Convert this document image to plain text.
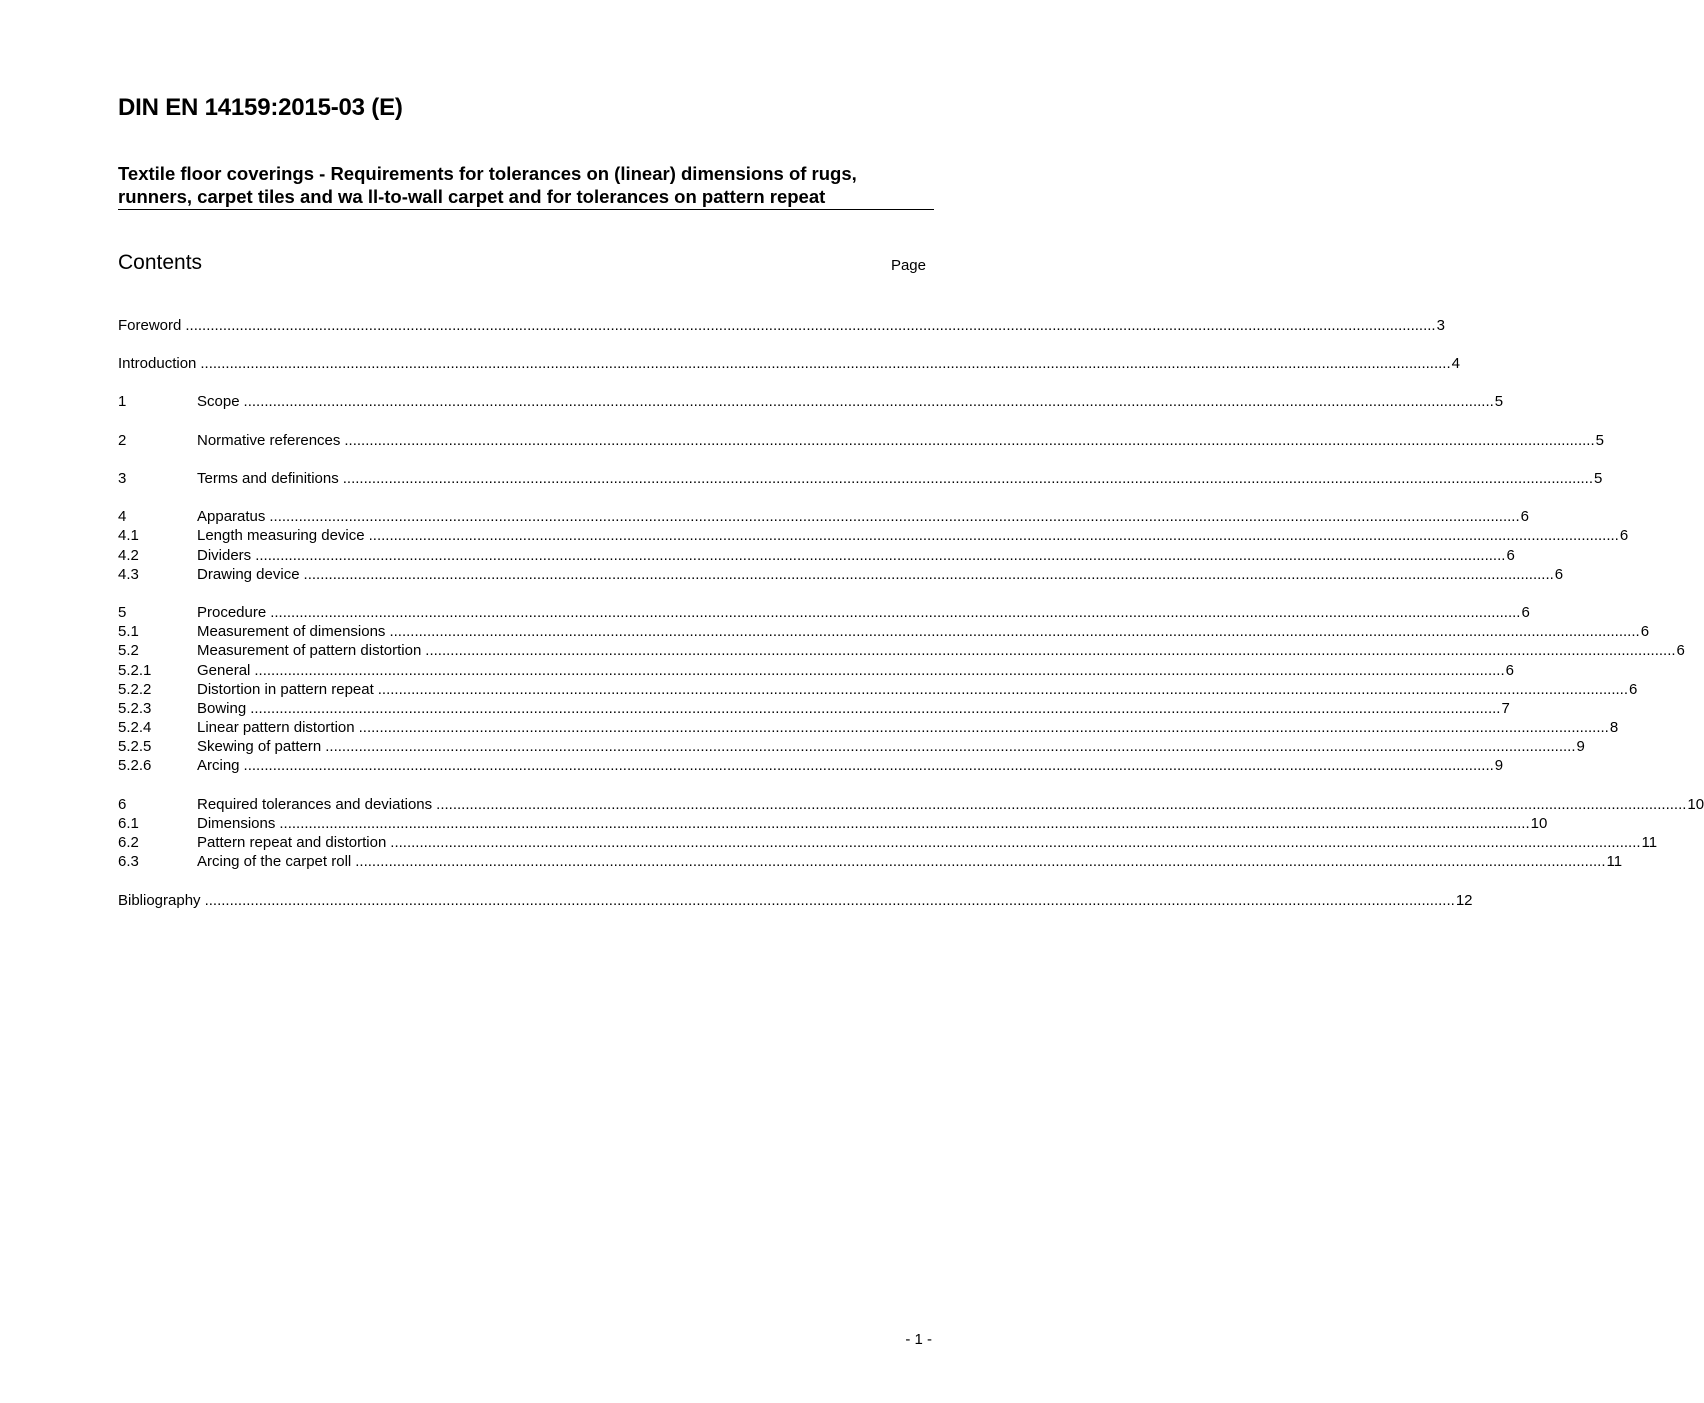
DIN EN 14159:2015-03 (E)
Textile floor coverings - Requirements for tolerances on (linear) dimensions of rugs,
runners, carpet tiles and wa ll-to-wall carpet and for tolerances on pattern repeat
Contents	Page
Foreword ............................................................................................................................................................................................................................................................................................................ 3
Introduction ............................................................................................................................................................................................................................................................................................................ 4
1	Scope ............................................................................................................................................................................................................................................................................................................ 5
2	Normative references ............................................................................................................................................................................................................................................................................................................ 5
3	Terms and definitions ............................................................................................................................................................................................................................................................................................................ 5
4	Apparatus ............................................................................................................................................................................................................................................................................................................ 6
4.1	Length measuring device ............................................................................................................................................................................................................................................................................................................ 6
4.2	Dividers ............................................................................................................................................................................................................................................................................................................ 6
4.3	Drawing device ............................................................................................................................................................................................................................................................................................................ 6
5	Procedure ............................................................................................................................................................................................................................................................................................................ 6
5.1	Measurement of dimensions ............................................................................................................................................................................................................................................................................................................ 6
5.2	Measurement of pattern distortion ............................................................................................................................................................................................................................................................................................................ 6
5.2.1	General ............................................................................................................................................................................................................................................................................................................ 6
5.2.2	Distortion in pattern repeat ............................................................................................................................................................................................................................................................................................................ 6
5.2.3	Bowing ............................................................................................................................................................................................................................................................................................................ 7
5.2.4	Linear pattern distortion ............................................................................................................................................................................................................................................................................................................ 8
5.2.5	Skewing of pattern ............................................................................................................................................................................................................................................................................................................ 9
5.2.6	Arcing ............................................................................................................................................................................................................................................................................................................ 9
6	Required tolerances and deviations ............................................................................................................................................................................................................................................................................................................ 10
6.1	Dimensions ............................................................................................................................................................................................................................................................................................................ 10
6.2	Pattern repeat and distortion ............................................................................................................................................................................................................................................................................................................ 11
6.3	Arcing of the carpet roll ............................................................................................................................................................................................................................................................................................................ 11
Bibliography ............................................................................................................................................................................................................................................................................................................ 12
- 1 -
